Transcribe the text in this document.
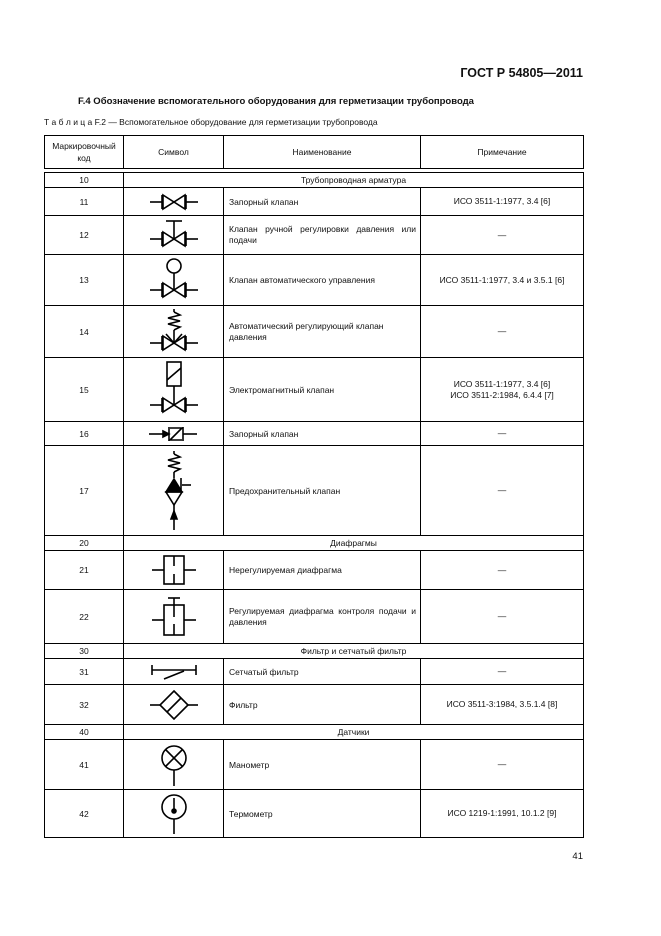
ГОСТ Р 54805—2011
F.4 Обозначение вспомогательного оборудования для герметизации трубопровода
Т а б л и ц а F.2 — Вспомогательное оборудование для герметизации трубопровода
Маркировочный код	Символ	Наименование	Примечание

10	Трубопроводная арматура		
11		Запорный клапан	ИСО 3511-1:1977, 3.4 [6]
12		Клапан ручной регулировки давления или подачи	—
13		Клапан автоматического управления	ИСО 3511-1:1977, 3.4 и 3.5.1 [6]
14		Автоматический регулирующий клапан давления	—
15		Электромагнитный клапан	ИСО 3511-1:1977, 3.4 [6]
ИСО 3511-2:1984, 6.4.4 [7]
16		Запорный клапан	—
17		Предохранительный клапан	—
20	Диафрагмы		
21		Нерегулируемая диафрагма	—
22		Регулируемая диафрагма контроля подачи и давления	—
30	Фильтр и сетчатый фильтр		
31		Сетчатый фильтр	—
32		Фильтр	ИСО 3511-3:1984, 3.5.1.4 [8]
40	Датчики		
41		Манометр	—
42		Термометр	ИСО 1219-1:1991, 10.1.2 [9]
41
